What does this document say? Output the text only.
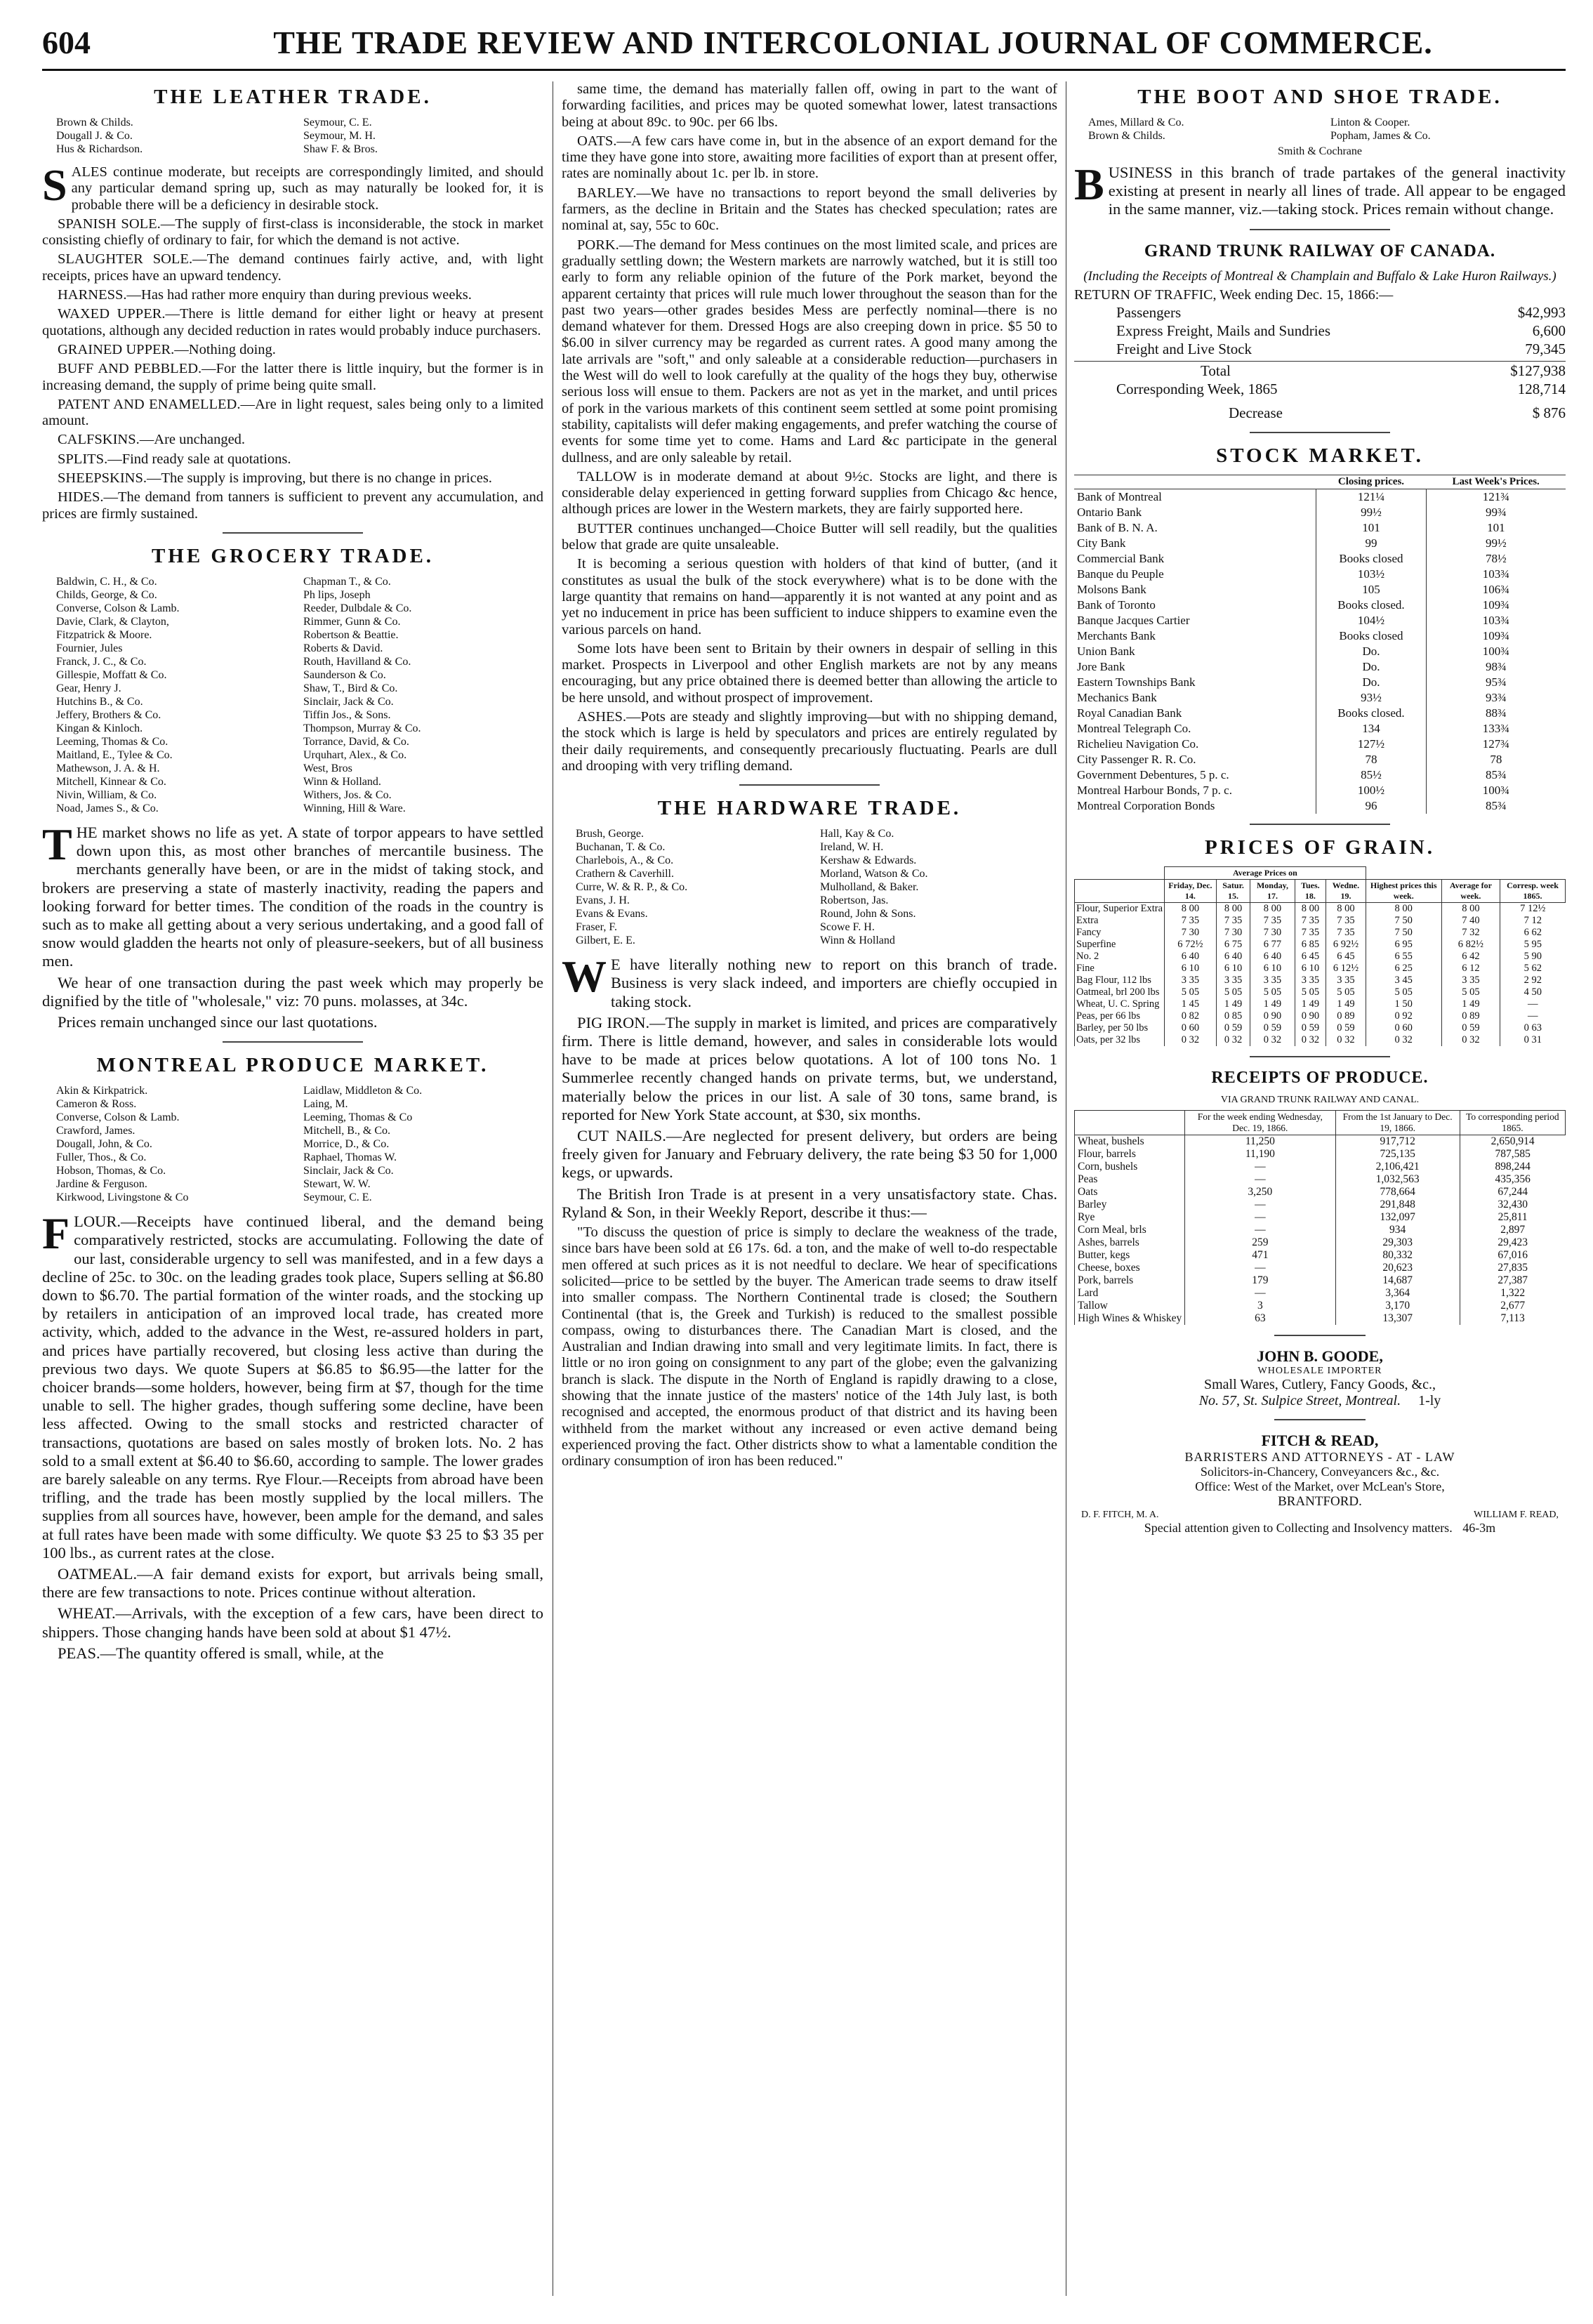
604	THE TRADE REVIEW AND INTERCOLONIAL JOURNAL OF COMMERCE.
THE LEATHER TRADE.
Brown & Childs.
Dougall J. & Co.
Hus & Richardson.
Seymour, C. E.
Seymour, M. H.
Shaw F. & Bros.

SALES continue moderate, but receipts are correspondingly limited, and should any particular demand spring up, such as may naturally be looked for, it is probable there will be a deficiency in desirable stock.

SPANISH SOLE.—The supply of first-class is inconsiderable, the stock in market consisting chiefly of ordinary to fair, for which the demand is not active.

SLAUGHTER SOLE.—The demand continues fairly active, and, with light receipts, prices have an upward tendency.

HARNESS.—Has had rather more enquiry than during previous weeks.

WAXED UPPER.—There is little demand for either light or heavy at present quotations, although any decided reduction in rates would probably induce purchasers.

GRAINED UPPER.—Nothing doing.

BUFF AND PEBBLED.—For the latter there is little inquiry, but the former is in increasing demand, the supply of prime being quite small.

PATENT AND ENAMELLED.—Are in light request, sales being only to a limited amount.

CALFSKINS.—Are unchanged.

SPLITS.—Find ready sale at quotations.

SHEEPSKINS.—The supply is improving, but there is no change in prices.

HIDES.—The demand from tanners is sufficient to prevent any accumulation, and prices are firmly sustained.

THE GROCERY TRADE.
Baldwin, C. H., & Co.
Childs, George, & Co.
Converse, Colson & Lamb.
Davie, Clark, & Clayton,
Fitzpatrick & Moore.
Fournier, Jules
Franck, J. C., & Co.
Gillespie, Moffatt & Co.
Gear, Henry J.
Hutchins B., & Co.
Jeffery, Brothers & Co.
Kingan & Kinloch.
Leeming, Thomas & Co.
Maitland, E., Tylee & Co.
Mathewson, J. A. & H.
Mitchell, Kinnear & Co.
Nivin, William, & Co.
Noad, James S., & Co.
Chapman T., & Co.
Ph lips, Joseph
Reeder, Dulbdale & Co.
Rimmer, Gunn & Co.
Robertson & Beattie.
Roberts & David.
Routh, Havilland & Co.
Saunderson & Co.
Shaw, T., Bird & Co.
Sinclair, Jack & Co.
Tiffin Jos., & Sons.
Thompson, Murray & Co.
Torrance, David, & Co.
Urquhart, Alex., & Co.
West, Bros
Winn & Holland.
Withers, Jos. & Co.
Winning, Hill & Ware.

THE market shows no life as yet. A state of torpor appears to have settled down upon this, as most other branches of mercantile business. The merchants generally have been, or are in the midst of taking stock, and brokers are preserving a state of masterly inactivity, reading the papers and looking forward for better times. The condition of the roads in the country is such as to make all getting about a very serious undertaking, and a good fall of snow would gladden the hearts not only of pleasure-seekers, but of all business men.

We hear of one transaction during the past week which may properly be dignified by the title of "wholesale," viz: 70 puns. molasses, at 34c.

Prices remain unchanged since our last quotations.

MONTREAL PRODUCE MARKET.
Akin & Kirkpatrick.
Cameron & Ross.
Converse, Colson & Lamb.
Crawford, James.
Dougall, John, & Co.
Fuller, Thos., & Co.
Hobson, Thomas, & Co.
Jardine & Ferguson.
Kirkwood, Livingstone & Co
Laidlaw, Middleton & Co.
Laing, M.
Leeming, Thomas & Co
Mitchell, B., & Co.
Morrice, D., & Co.
Raphael, Thomas W.
Sinclair, Jack & Co.
Stewart, W. W.
Seymour, C. E.

FLOUR.—Receipts have continued liberal, and the demand being comparatively restricted, stocks are accumulating. Following the date of our last, considerable urgency to sell was manifested, and in a few days a decline of 25c. to 30c. on the leading grades took place, Supers selling at $6.80 down to $6.70. The partial formation of the winter roads, and the stocking up by retailers in anticipation of an improved local trade, has created more activity, which, added to the advance in the West, re-assured holders in part, and prices have partially recovered, but closing less active than during the previous two days. We quote Supers at $6.85 to $6.95—the latter for the choicer brands—some holders, however, being firm at $7, though for the time unable to sell. The higher grades, though suffering some decline, have been less affected. Owing to the small stocks and restricted character of transactions, quotations are based on sales mostly of broken lots. No. 2 has sold to a small extent at $6.40 to $6.60, according to sample. The lower grades are barely saleable on any terms. Rye Flour.—Receipts from abroad have been trifling, and the trade has been mostly supplied by the local millers. The supplies from all sources have, however, been ample for the demand, and sales at full rates have been made with some difficulty. We quote $3 25 to $3 35 per 100 lbs., as current rates at the close.

OATMEAL.—A fair demand exists for export, but arrivals being small, there are few transactions to note. Prices continue without alteration.

WHEAT.—Arrivals, with the exception of a few cars, have been direct to shippers. Those changing hands have been sold at about $1 47½.

PEAS.—The quantity offered is small, while, at the

same time, the demand has materially fallen off, owing in part to the want of forwarding facilities, and prices may be quoted somewhat lower, latest transactions being at about 89c. to 90c. per 66 lbs.

OATS.—A few cars have come in, but in the absence of an export demand for the time they have gone into store, awaiting more facilities of export than at present offer, rates are nominally about 1c. per lb. in store.

BARLEY.—We have no transactions to report beyond the small deliveries by farmers, as the decline in Britain and the States has checked speculation; rates are nominal at, say, 55c to 60c.

PORK.—The demand for Mess continues on the most limited scale, and prices are gradually settling down; the Western markets are narrowly watched, but it is still too early to form any reliable opinion of the future of the Pork market, beyond the apparent certainty that prices will rule much lower throughout the season than for the past two years—other grades besides Mess are perfectly nominal—there is no demand whatever for them. Dressed Hogs are also creeping down in price. $5 50 to $6.00 in silver currency may be regarded as current rates. A good many among the late arrivals are "soft," and only saleable at a considerable reduction—purchasers in the West will do well to look carefully at the quality of the hogs they buy, otherwise serious loss will ensue to them. Packers are not as yet in the market, and until prices of pork in the various markets of this continent seem settled at some point promising stability, capitalists will defer making engagements, and prefer watching the course of events for some time yet to come. Hams and Lard &c participate in the general dullness, and are only saleable by retail.

TALLOW is in moderate demand at about 9½c. Stocks are light, and there is considerable delay experienced in getting forward supplies from Chicago &c hence, although prices are lower in the Western markets, they are fairly supported here.

BUTTER continues unchanged—Choice Butter will sell readily, but the qualities below that grade are quite unsaleable.

It is becoming a serious question with holders of that kind of butter, (and it constitutes as usual the bulk of the stock everywhere) what is to be done with the large quantity that remains on hand—apparently it is not wanted at any point and as yet no inducement in price has been sufficient to induce shippers to examine even the various parcels on hand.

Some lots have been sent to Britain by their owners in despair of selling in this market. Prospects in Liverpool and other English markets are not by any means encouraging, but any price obtained there is deemed better than allowing the article to be here unsold, and without prospect of improvement.

ASHES.—Pots are steady and slightly improving—but with no shipping demand, the stock which is large is held by speculators and prices are entirely regulated by their daily requirements, and consequently precariously fluctuating. Pearls are dull and drooping with very trifling demand.

THE HARDWARE TRADE.
Brush, George.
Buchanan, T. & Co.
Charlebois, A., & Co.
Crathern & Caverhill.
Curre, W. & R. P., & Co.
Evans, J. H.
Evans & Evans.
Fraser, F.
Gilbert, E. E.
Hall, Kay & Co.
Ireland, W. H.
Kershaw & Edwards.
Morland, Watson & Co.
Mulholland, & Baker.
Robertson, Jas.
Round, John & Sons.
Scowe F. H.
Winn & Holland

W E have literally nothing new to report on this branch of trade. Business is very slack indeed, and importers are chiefly occupied in taking stock.

PIG IRON.—The supply in market is limited, and prices are comparatively firm. There is little demand, however, and sales in considerable lots would have to be made at prices below quotations. A lot of 100 tons No. 1 Summerlee recently changed hands on private terms, but, we understand, materially below the prices in our list. A sale of 30 tons, same brand, is reported for New York State account, at $30, six months.

CUT NAILS.—Are neglected for present delivery, but orders are being freely given for January and February delivery, the rate being $3 50 for 1,000 kegs, or upwards.

The British Iron Trade is at present in a very unsatisfactory state. Chas. Ryland & Son, in their Weekly Report, describe it thus:—

"To discuss the question of price is simply to declare the weakness of the trade, since bars have been sold at £6 17s. 6d. a ton, and the make of well to-do respectable men offered at such prices as it is not needful to declare. We hear of specifications solicited—price to be settled by the buyer. The American trade seems to draw itself into smaller compass. The Northern Continental trade is closed; the Southern Continental (that is, the Greek and Turkish) is reduced to the smallest possible compass, owing to disturbances there. The Canadian Mart is closed, and the Australian and Indian drawing into small and very legitimate limits. In fact, there is little or no iron going on consignment to any part of the globe; even the galvanizing branch is slack. The dispute in the North of England is rapidly drawing to a close, showing that the innate justice of the masters' notice of the 14th July last, is both recognised and accepted, the enormous product of that district and its having been withheld from the market without any increased or even active demand being experienced proving the fact. Other districts show to what a lamentable condition the ordinary consumption of iron has been reduced."

THE BOOT AND SHOE TRADE.
Ames, Millard & Co.
Brown & Childs.
Linton & Cooper.
Popham, James & Co.
Smith & Cochrane

BUSINESS in this branch of trade partakes of the general inactivity existing at present in nearly all lines of trade. All appear to be engaged in the same manner, viz.—taking stock. Prices remain without change.

GRAND TRUNK RAILWAY OF CANADA.
(Including the Receipts of Montreal & Champlain and Buffalo & Lake Huron Railways.)
RETURN OF TRAFFIC, Week ending Dec. 15, 1866:—
Passengers	$42,993
Express Freight, Mails and Sundries	6,600
Freight and Live Stock	79,345
Total	$127,938
Corresponding Week, 1865	128,714
Decrease	$ 876
STOCK MARKET.
	Closing prices.	Last Week's Prices.
Bank of Montreal	121¼	121¾
Ontario Bank	99½	99¾
Bank of B. N. A.	101	101
City Bank	99	99½
Commercial Bank	Books closed	78½
Banque du Peuple	103½	103¾
Molsons Bank	105	106¾
Bank of Toronto	Books closed.	109¾
Banque Jacques Cartier	104½	103¾
Merchants Bank	Books closed	109¾
Union Bank	Do.	100¾
Jore Bank	Do.	98¾
Eastern Townships Bank	Do.	95¾
Mechanics Bank	93½	93¾
Royal Canadian Bank	Books closed.	88¾
Montreal Telegraph Co.	134	133¾
Richelieu Navigation Co.	127½	127¾
City Passenger R. R. Co.	78	78
Government Debentures, 5 p. c.	85½	85¾
Montreal Harbour Bonds, 7 p. c.	100½	100¾
Montreal Corporation Bonds	96	85¾
PRICES OF GRAIN.
	Average Prices on							
	Friday, Dec. 14.	Satur. 15.	Monday, 17.	Tues. 18.	Wedne. 19.	Highest prices this week.	Average for week.	Corresp. week 1865.
Flour, Superior Extra	8 00	8 00	8 00	8 00	8 00	8 00	8 00	7 12½
Extra	7 35	7 35	7 35	7 35	7 35	7 50	7 40	7 12
Fancy	7 30	7 30	7 30	7 35	7 35	7 50	7 32	6 62
Superfine	6 72½	6 75	6 77	6 85	6 92½	6 95	6 82½	5 95
No. 2	6 40	6 40	6 40	6 45	6 45	6 55	6 42	5 90
Fine	6 10	6 10	6 10	6 10	6 12½	6 25	6 12	5 62
Bag Flour, 112 lbs	3 35	3 35	3 35	3 35	3 35	3 45	3 35	2 92
Oatmeal, brl 200 lbs	5 05	5 05	5 05	5 05	5 05	5 05	5 05	4 50
Wheat, U. C. Spring	1 45	1 49	1 49	1 49	1 49	1 50	1 49	—
Peas, per 66 lbs	0 82	0 85	0 90	0 90	0 89	0 92	0 89	—
Barley, per 50 lbs	0 60	0 59	0 59	0 59	0 59	0 60	0 59	0 63
Oats, per 32 lbs	0 32	0 32	0 32	0 32	0 32	0 32	0 32	0 31
RECEIPTS OF PRODUCE.
VIA GRAND TRUNK RAILWAY AND CANAL.
	For the week ending Wednesday, Dec. 19, 1866.	From the 1st January to Dec. 19, 1866.	To corresponding period 1865.
Wheat, bushels	11,250	917,712	2,650,914
Flour, barrels	11,190	725,135	787,585
Corn, bushels	—	2,106,421	898,244
Peas	—	1,032,563	435,356
Oats	3,250	778,664	67,244
Barley	—	291,848	32,430
Rye	—	132,097	25,811
Corn Meal, brls	—	934	2,897
Ashes, barrels	259	29,303	29,423
Butter, kegs	471	80,332	67,016
Cheese, boxes	—	20,623	27,835
Pork, barrels	179	14,687	27,387
Lard	—	3,364	1,322
Tallow	3	3,170	2,677
High Wines & Whiskey	63	13,307	7,113
JOHN B. GOODE,
WHOLESALE IMPORTER
Small Wares, Cutlery, Fancy Goods, &c.,
No. 57, St. Sulpice Street, Montreal. 1-ly
FITCH & READ,
BARRISTERS AND ATTORNEYS - AT - LAW
Solicitors-in-Chancery, Conveyancers &c., &c.
Office: West of the Market, over McLean's Store,
BRANTFORD.
D. F. FITCH, M. A.	WILLIAM F. READ,
Special attention given to Collecting and Insolvency matters. 46-3m
